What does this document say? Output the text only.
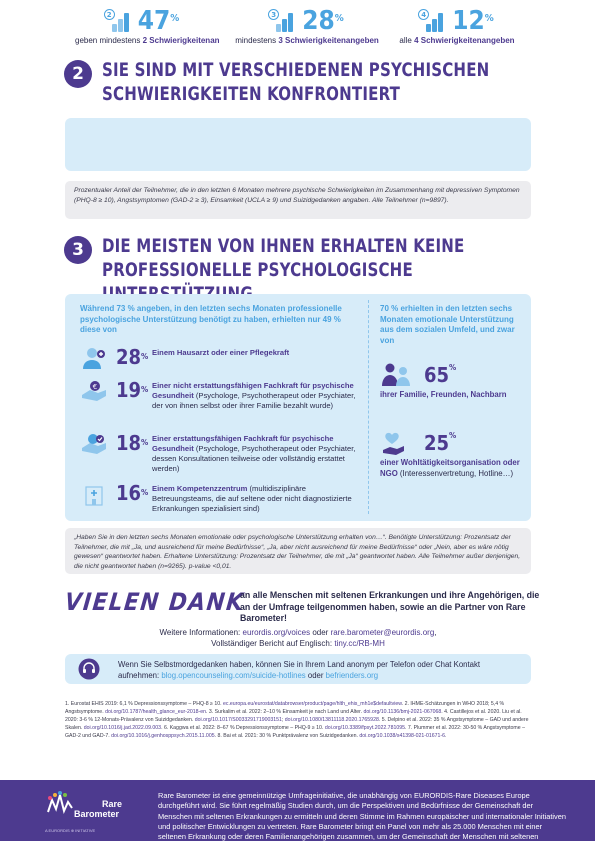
2 SIE SIND MIT VERSCHIEDENEN PSYCHISCHEN SCHWIERIGKEITEN KONFRONTIERT
2 47%
geben mindestens 2 Schwierigkeitenan
3 28%
mindestens 3 Schwierigkeitenangeben
4 12%
alle 4 Schwierigkeitenangeben
Prozentualer Anteil der Teilnehmer, die in den letzten 6 Monaten mehrere psychische Schwierigkeiten im Zusammenhang mit depressiven Symptomen (PHQ-8 ≥ 10), Angstsymptomen (GAD-2 ≥ 3), Einsamkeit (UCLA ≥ 9) und Suizidgedanken angaben. Alle Teilnehmer (n=9897).
3 DIE MEISTEN VON IHNEN ERHALTEN KEINE PROFESSIONELLE PSYCHOLOGISCHE
Während 73 % angeben, in den letzten sechs Monaten professionelle psychologische Unterstützung benötigt zu haben, erhielten nur 49 % diese von
28% Einem Hausarzt oder einer Pflegekraft
€ 19% Einer nicht erstattungsfähigen Fachkraft für psychische Gesundheit (Psychologe, Psychotherapeut oder Psychiater, der von ihnen selbst oder ihrer Familie bezahlt wurde)
18% Einer erstattungsfähigen Fachkraft für psychische Gesundheit (Psychologe, Psychotherapeut oder Psychiater, dessen Konsultationen teilweise oder vollständig erstattet werden)
16% Einem Kompetenzzentrum (multidisziplinäre Betreuungsteams, die auf seltene oder nicht diagnostizierte Erkrankungen spezialisiert sind)
70 % erhielten in den letzten sechs Monaten emotionale Unterstützung aus dem sozialen Umfeld, und zwar von
65%
ihrer Familie, Freunden, Nachbarn
25%
einer Wohltätigkeitsorganisation oder NGO (Interessenvertretung, Hotline…)
„Haben Sie in den letzten sechs Monaten emotionale oder psychologische Unterstützung erhalten von…“. Benötigte Unterstützung: Prozentsatz der Teilnehmer, die mit „Ja, und ausreichend für meine Bedürfnisse“, „Ja, aber nicht ausreichend für meine Bedürfnisse“ oder „Nein, aber es wäre nötig gewesen“ geantwortet haben. Erhaltene Unterstützung: Prozentsatz der Teilnehmer, die mit „Ja“ geantwortet haben. Alle Teilnehmer außer denjenigen, die nicht geantwortet haben (n=9265). p-value <0,01.
VIELEN DANK
an alle Menschen mit seltenen Erkrankungen und ihre Angehörigen, die an der Umfrage teilgenommen haben, sowie an die Partner von Rare Barometer!
Weitere Informationen: eurordis.org/voices oder rare.barometer@eurordis.org,
Vollständiger Bericht auf Englisch: tiny.cc/RB-MH
Wenn Sie Selbstmordgedanken haben, können Sie in Ihrem Land anonym per Telefon oder Chat Kontakt aufnehmen: blog.opencounseling.com/suicide-hotlines oder befrienders.org
1. Eurostat EHIS 2019: 6,1 % Depressionssymptome – PHQ-8 ≥ 10. ec.europa.eu/eurostat/databrowser/product/page/hlth_ehis_mh1e$defaultview. 2. IHME-Schätzungen in WHO 2018; 5,4 % Angstsymptome. doi.org/10.1787/health_glance_eur-2018-en. 3. Surkalim et al. 2022: 2–10 % Einsamkeit je nach Land und Alter. doi.org/10.1136/bmj-2021-067068. 4. Castillejos et al. 2020. Liu et al. 2020: 3-6 % 12-Monats-Prävalenz von Suizidgedanken. doi.org/10.1017/S0033291719003151; doi.org/10.1080/13811118.2020.1765928. 5. Delpino et al. 2022: 35 % Angstsymptome – GAD und andere Skalen. doi.org/10.1016/j.jad.2022.09.003. 6. Kaggwa et al. 2022: 8–67 % Depressionssymptome – PHQ-9 ≥ 10. doi.org/10.3389/fpsyt.2022.781095. 7. Plummer et al. 2022: 30-50 % Angstsymptome – GAD-2 und GAD-7. doi.org/10.1016/j.genhosppsych.2015.11.005. 8. Bai et al. 2021: 30 % Punktprävalenz von Suizidgedanken. doi.org/10.1038/s41398-021-01671-6.
Rare
Barometer
A EURORDIS ⊕ INITIATIVE
Rare Barometer ist eine gemeinnützige Umfrageinitiative, die unabhängig von EURORDIS-Rare Diseases Europe durchgeführt wird. Sie führt regelmäßig Studien durch, um die Perspektiven und Bedürfnisse der Gemeinschaft der Menschen mit seltenen Erkrankungen zu ermitteln und deren Stimme im Rahmen europäischer und internationaler Initiativen und politischer Entwicklungen zu vertreten. Rare Barometer bringt ein Panel von mehr als 25.000 Menschen mit einer seltenen Erkrankung oder deren Familienangehörigen zusammen, um der Gemeinschaft der Menschen mit seltenen Erkrankungen mehr Gehör zu verschaffen.
